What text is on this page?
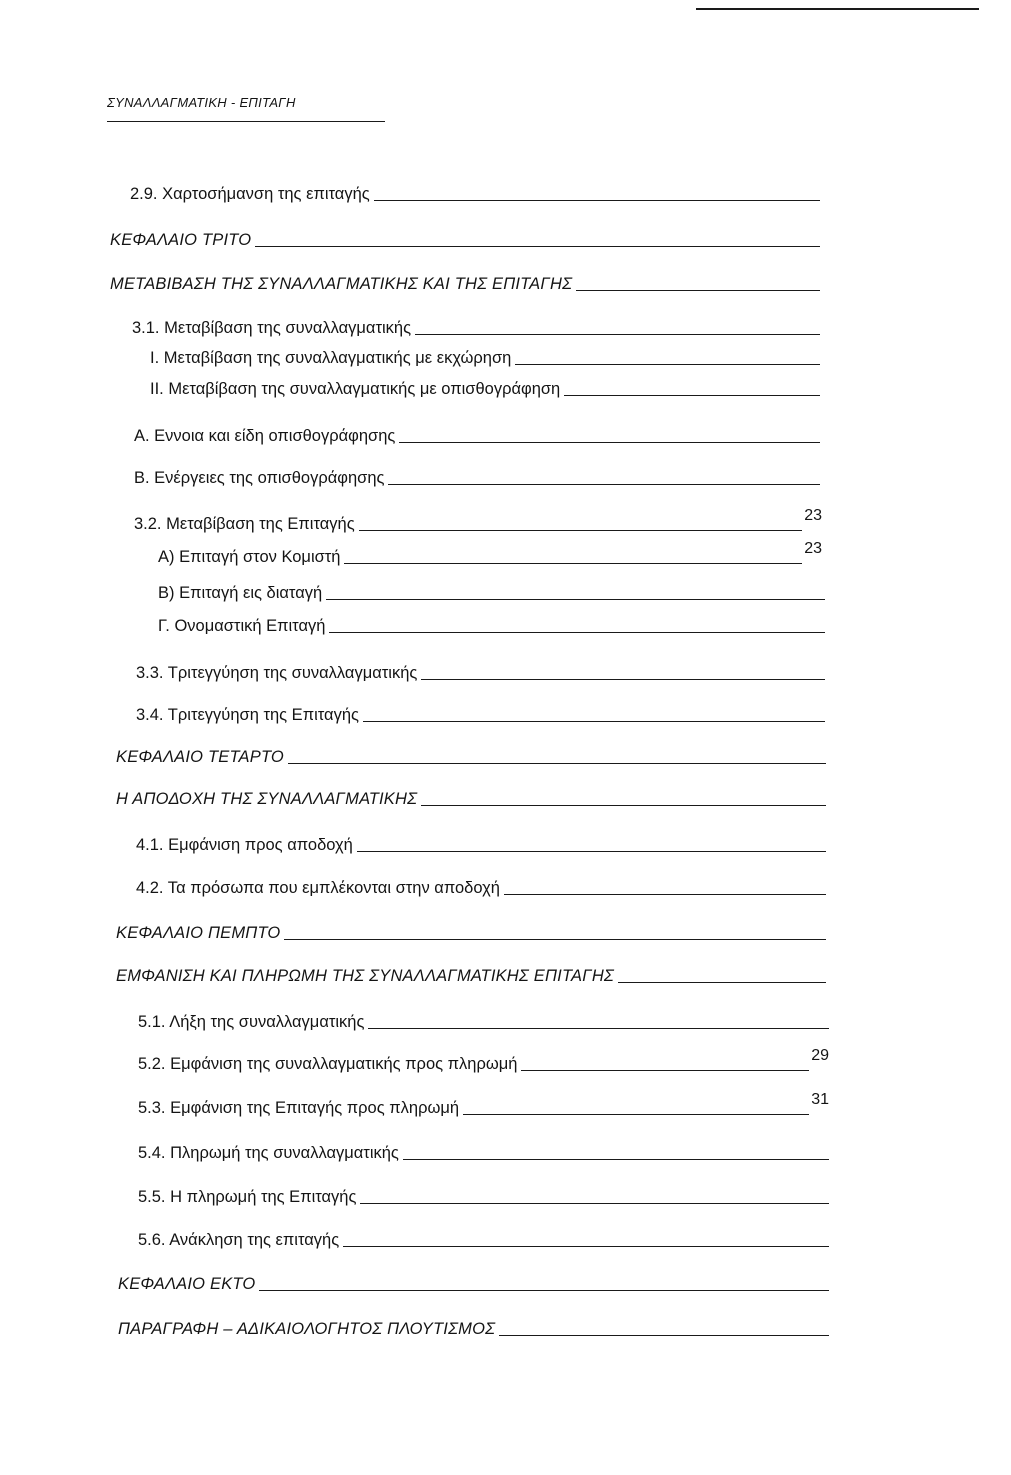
ΣΥΝΑΛΛΑΓΜΑΤΙΚΗ - ΕΠΙΤΑΓΗ
2.9. Χαρτοσήμανση της επιταγής
ΚΕΦΑΛΑΙΟ ΤΡΙΤΟ
ΜΕΤΑΒΙΒΑΣΗ ΤΗΣ ΣΥΝΑΛΛΑΓΜΑΤΙΚΗΣ ΚΑΙ ΤΗΣ ΕΠΙΤΑΓΗΣ
3.1. Μεταβίβαση της συναλλαγματικής
Ι. Μεταβίβαση της συναλλαγματικής με εκχώρηση
ΙΙ. Μεταβίβαση της συναλλαγματικής με οπισθογράφηση
Α. Εννοια και είδη οπισθογράφησης
Β. Ενέργειες της οπισθογράφησης
3.2. Μεταβίβαση της Επιταγής	23
Α) Επιταγή στον Κομιστή	23
Β) Επιταγή εις διαταγή
Γ. Ονομαστική Επιταγή
3.3. Τριτεγγύηση της συναλλαγματικής
3.4. Τριτεγγύηση της Επιταγής
ΚΕΦΑΛΑΙΟ ΤΕΤΑΡΤΟ
Η ΑΠΟΔΟΧΗ ΤΗΣ ΣΥΝΑΛΛΑΓΜΑΤΙΚΗΣ
4.1. Εμφάνιση προς αποδοχή
4.2. Τα πρόσωπα που εμπλέκονται στην αποδοχή
ΚΕΦΑΛΑΙΟ ΠΕΜΠΤΟ
ΕΜΦΑΝΙΣΗ ΚΑΙ ΠΛΗΡΩΜΗ ΤΗΣ ΣΥΝΑΛΛΑΓΜΑΤΙΚΗΣ ΕΠΙΤΑΓΗΣ
5.1. Λήξη της συναλλαγματικής
5.2. Εμφάνιση της συναλλαγματικής προς πληρωμή	29
5.3. Εμφάνιση της Επιταγής προς πληρωμή	31
5.4. Πληρωμή της συναλλαγματικής
5.5. Η πληρωμή της Επιταγής
5.6. Ανάκληση της επιταγής
ΚΕΦΑΛΑΙΟ ΕΚΤΟ
ΠΑΡΑΓΡΑΦΗ – ΑΔΙΚΑΙΟΛΟΓΗΤΟΣ ΠΛΟΥΤΙΣΜΟΣ
